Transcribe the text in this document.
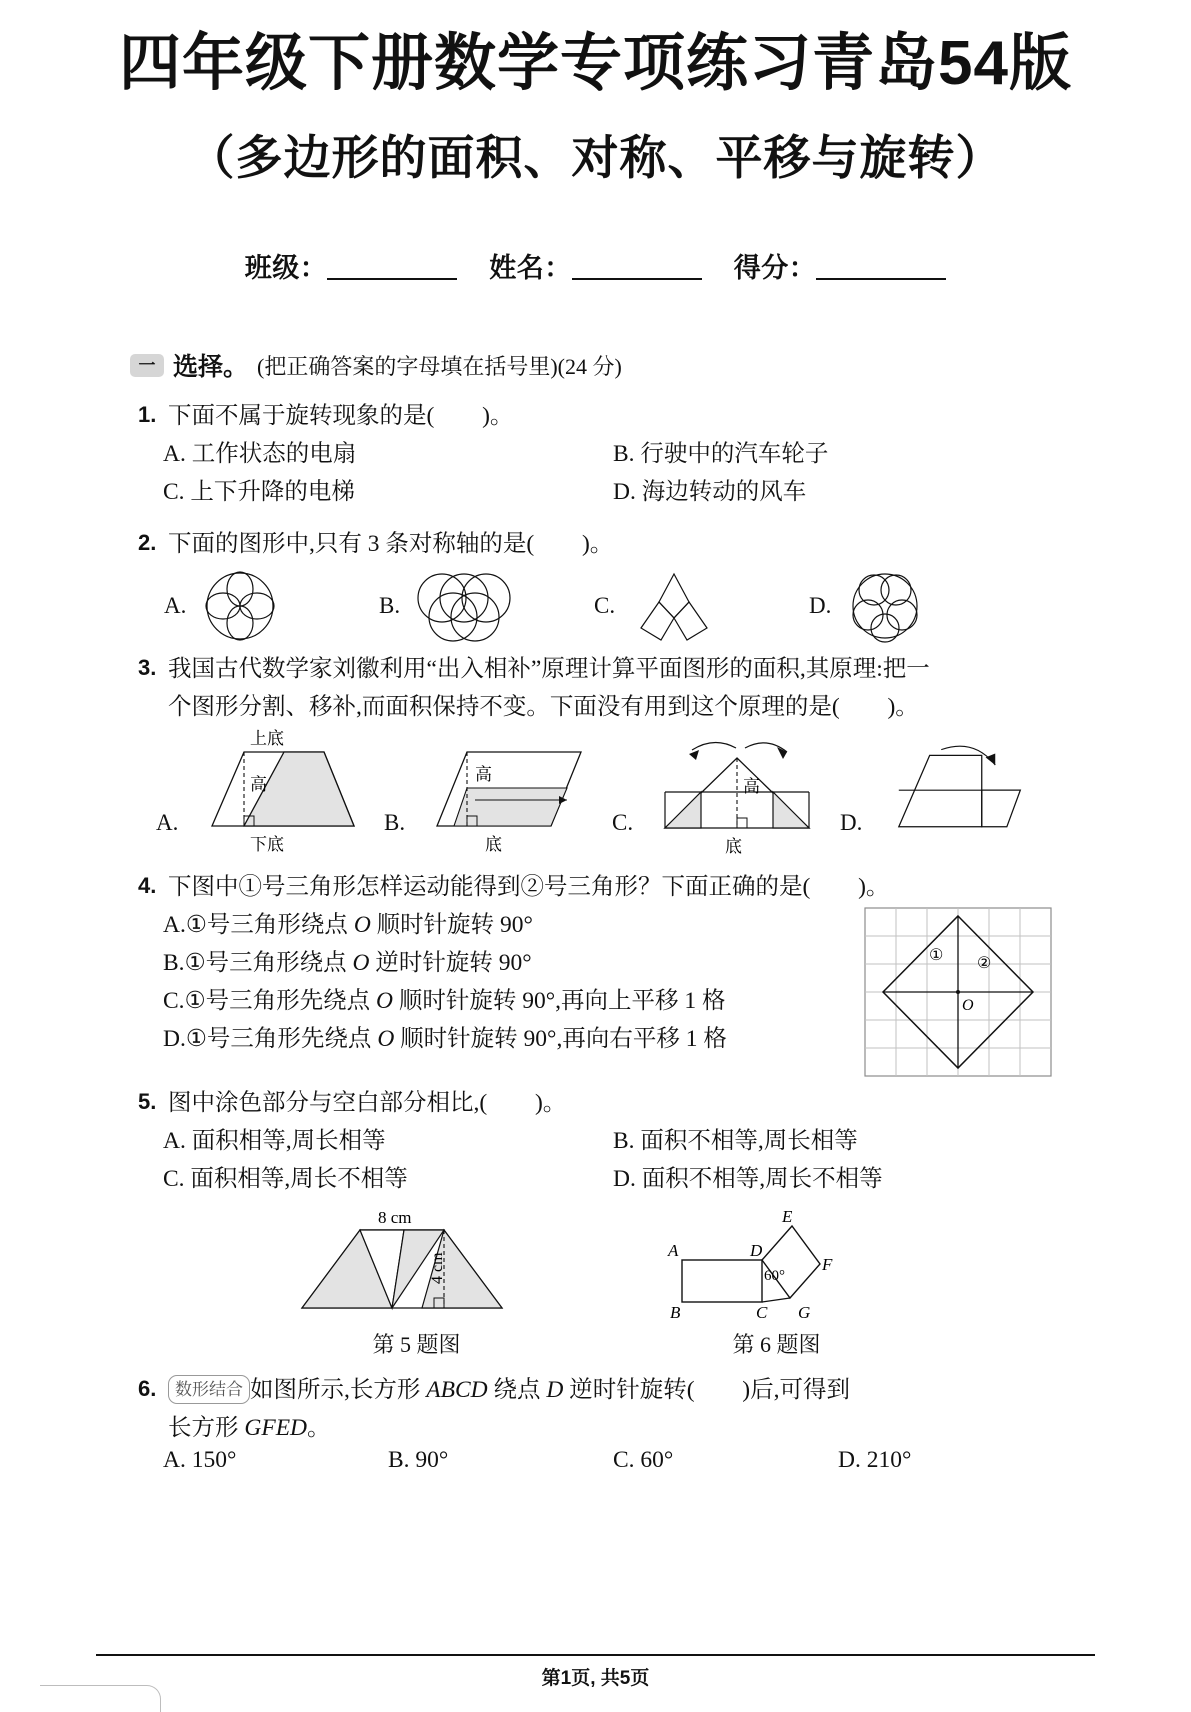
四年级下册数学专项练习青岛54版
（多边形的面积、对称、平移与旋转）
班级：	姓名：	得分：
一 选择。 (把正确答案的字母填在括号里)(24 分)
1. 下面不属于旋转现象的是( )。
A. 工作状态的电扇
C. 上下升降的电梯
B. 行驶中的汽车轮子
D. 海边转动的风车
2. 下面的图形中,只有 3 条对称轴的是( )。
A.	B.	C.	D.
3. 我国古代数学家刘徽利用“出入相补”原理计算平面图形的面积,其原理:把一
个图形分割、移补,而面积保持不变。下面没有用到这个原理的是( )。
A.
上底
高
下底
B.
高
底
C.
高
底
D.
4. 下图中①号三角形怎样运动能得到②号三角形？下面正确的是( )。
A.①号三角形绕点 O 顺时针旋转 90°
B.①号三角形绕点 O 逆时针旋转 90°
C.①号三角形先绕点 O 顺时针旋转 90°,再向上平移 1 格
D.①号三角形先绕点 O 顺时针旋转 90°,再向右平移 1 格
① ②
O
5. 图中涂色部分与空白部分相比,( )。
A. 面积相等,周长相等
C. 面积相等,周长不相等
B. 面积不相等,周长相等
D. 面积不相等,周长不相等
8 cm
4 cm
第 5 题图
E
A	D
F
B	C G
60°
第 6 题图
6. 数形结合 如图所示,长方形 ABCD 绕点 D 逆时针旋转( )后,可得到
长方形 GFED。
A. 150°	B. 90°	C. 60°	D. 210°
第1页, 共5页
